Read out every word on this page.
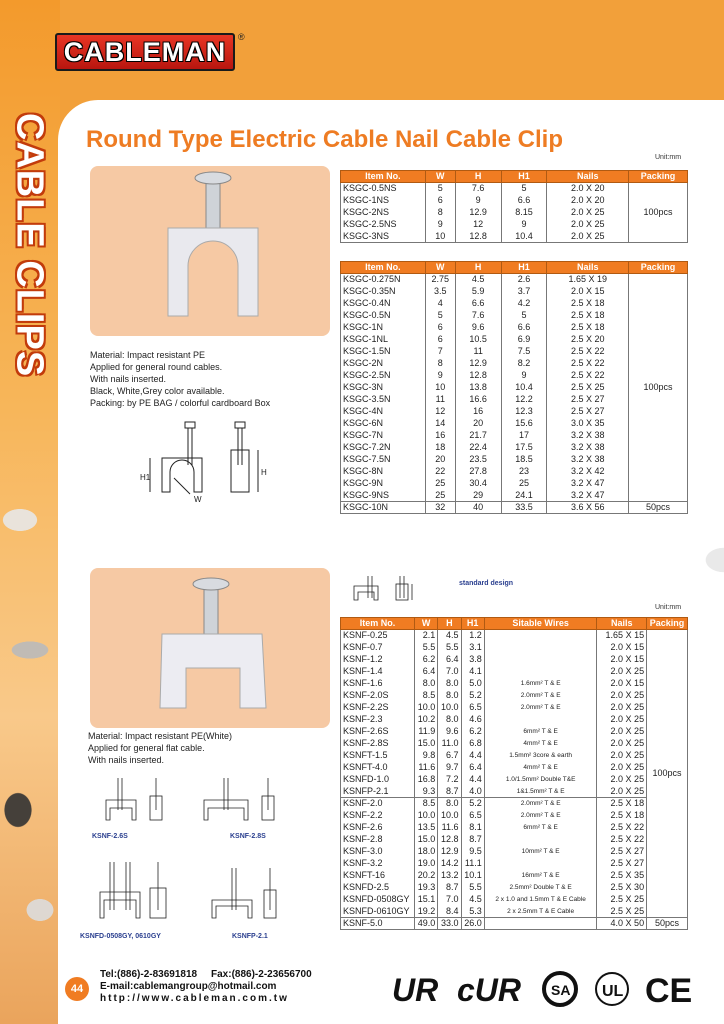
CABLEMAN ®
CABLE CLIPS Round Type Electric Cable Nail Cable Clip
Unit:mm
Material: Impact resistant PE
Applied for general round cables.
With nails inserted.
Black, White,Grey color available.
Packing: by PE BAG / colorful cardboard Box
H1
W
H
Item No.	W	H	H1	Nails	Packing
KSGC-0.5NS	5	7.6	5	2.0 X 20	100pcs
KSGC-1NS	6	9	6.6	2.0 X 20	
KSGC-2NS	8	12.9	8.15	2.0 X 25	
KSGC-2.5NS	9	12	9	2.0 X 25	
KSGC-3NS	10	12.8	10.4	2.0 X 25	
Item No.	W	H	H1	Nails	Packing
KSGC-0.275N	2.75	4.5	2.6	1.65 X 19	100pcs
KSGC-0.35N	3.5	5.9	3.7	2.0 X 15	
KSGC-0.4N	4	6.6	4.2	2.5 X 18	
KSGC-0.5N	5	7.6	5	2.5 X 18	
KSGC-1N	6	9.6	6.6	2.5 X 18	
KSGC-1NL	6	10.5	6.9	2.5 X 20	
KSGC-1.5N	7	11	7.5	2.5 X 22	
KSGC-2N	8	12.9	8.2	2.5 X 22	
KSGC-2.5N	9	12.8	9	2.5 X 22	
KSGC-3N	10	13.8	10.4	2.5 X 25	
KSGC-3.5N	11	16.6	12.2	2.5 X 27	
KSGC-4N	12	16	12.3	2.5 X 27	
KSGC-6N	14	20	15.6	3.0 X 35	
KSGC-7N	16	21.7	17	3.2 X 38	
KSGC-7.2N	18	22.4	17.5	3.2 X 38	
KSGC-7.5N	20	23.5	18.5	3.2 X 38	
KSGC-8N	22	27.8	23	3.2 X 42	
KSGC-9N	25	30.4	25	3.2 X 47	
KSGC-9NS	25	29	24.1	3.2 X 47	
KSGC-10N	32	40	33.5	3.6 X 56	50pcs
standard design
Unit:mm
Material: Impact resistant PE(White)
Applied for general flat cable.
With nails inserted.
KSNF-2.6S	KSNF-2.8S
KSNFD-0508GY, 0610GY	KSNFP-2.1
Item No.	W	H	H1	Sitable Wires	Nails	Packing
KSNF-0.25	2.1	4.5	1.2		1.65 X 15	100pcs
KSNF-0.7	5.5	5.5	3.1		2.0 X 15	
KSNF-1.2	6.2	6.4	3.8		2.0 X 15	
KSNF-1.4	6.4	7.0	4.1		2.0 X 25	
KSNF-1.6	8.0	8.0	5.0	1.6mm² T & E	2.0 X 15	
KSNF-2.0S	8.5	8.0	5.2	2.0mm² T & E	2.0 X 25	
KSNF-2.2S	10.0	10.0	6.5	2.0mm² T & E	2.0 X 25	
KSNF-2.3	10.2	8.0	4.6		2.0 X 25	
KSNF-2.6S	11.9	9.6	6.2	6mm² T & E	2.0 X 25	
KSNF-2.8S	15.0	11.0	6.8	4mm² T & E	2.0 X 25	
KSNFT-1.5	9.8	6.7	4.4	1.5mm² 3core & earth	2.0 X 25	
KSNFT-4.0	11.6	9.7	6.4	4mm² T & E	2.0 X 25	
KSNFD-1.0	16.8	7.2	4.4	1.0/1.5mm² Double T&E	2.0 X 25	
KSNFP-2.1	9.3	8.7	4.0	1&1.5mm² T & E	2.0 X 25	
KSNF-2.0	8.5	8.0	5.2	2.0mm² T & E	2.5 X 18	
KSNF-2.2	10.0	10.0	6.5	2.0mm² T & E	2.5 X 18	
KSNF-2.6	13.5	11.6	8.1	6mm² T & E	2.5 X 22	
KSNF-2.8	15.0	12.8	8.7		2.5 X 22	
KSNF-3.0	18.0	12.9	9.5	10mm² T & E	2.5 X 27	
KSNF-3.2	19.0	14.2	11.1		2.5 X 27	
KSNFT-16	20.2	13.2	10.1	16mm² T & E	2.5 X 35	
KSNFD-2.5	19.3	8.7	5.5	2.5mm² Double T & E	2.5 X 30	
KSNFD-0508GY	15.1	7.0	4.5	2 x 1.0 and 1.5mm T & E Cable	2.5 X 25	
KSNFD-0610GY	19.2	8.4	5.3	2 x 2.5mm T & E Cable	2.5 X 25	
KSNF-5.0	49.0	33.0	26.0		4.0 X 50	50pcs
44
Tel:(886)-2-83691818 Fax:(886)-2-23656700
E-mail:cablemangroup@hotmail.com
http://www.cableman.com.tw	UR cUR SA UL CE
